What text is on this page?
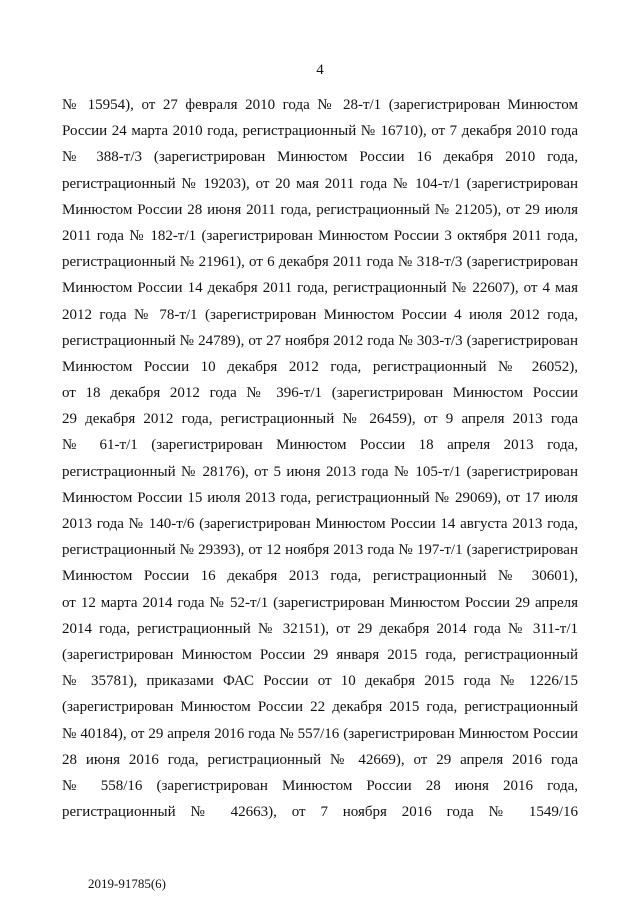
4
№ 15954), от 27 февраля 2010 года № 28-т/1 (зарегистрирован Минюстом
России 24 марта 2010 года, регистрационный № 16710), от 7 декабря 2010 года
№ 388-т/3 (зарегистрирован Минюстом России 16 декабря 2010 года,
регистрационный № 19203), от 20 мая 2011 года № 104-т/1 (зарегистрирован
Минюстом России 28 июня 2011 года, регистрационный № 21205), от 29 июля
2011 года № 182-т/1 (зарегистрирован Минюстом России 3 октября 2011 года,
регистрационный № 21961), от 6 декабря 2011 года № 318-т/3 (зарегистрирован
Минюстом России 14 декабря 2011 года, регистрационный № 22607), от 4 мая
2012 года № 78-т/1 (зарегистрирован Минюстом России 4 июля 2012 года,
регистрационный № 24789), от 27 ноября 2012 года № 303-т/3 (зарегистрирован
Минюстом России 10 декабря 2012 года, регистрационный № 26052),
от 18 декабря 2012 года № 396-т/1 (зарегистрирован Минюстом России
29 декабря 2012 года, регистрационный № 26459), от 9 апреля 2013 года
№ 61-т/1 (зарегистрирован Минюстом России 18 апреля 2013 года,
регистрационный № 28176), от 5 июня 2013 года № 105-т/1 (зарегистрирован
Минюстом России 15 июля 2013 года, регистрационный № 29069), от 17 июля
2013 года № 140-т/6 (зарегистрирован Минюстом России 14 августа 2013 года,
регистрационный № 29393), от 12 ноября 2013 года № 197-т/1 (зарегистрирован
Минюстом России 16 декабря 2013 года, регистрационный № 30601),
от 12 марта 2014 года № 52-т/1 (зарегистрирован Минюстом России 29 апреля
2014 года, регистрационный № 32151), от 29 декабря 2014 года № 311-т/1
(зарегистрирован Минюстом России 29 января 2015 года, регистрационный
№ 35781), приказами ФАС России от 10 декабря 2015 года № 1226/15
(зарегистрирован Минюстом России 22 декабря 2015 года, регистрационный
№ 40184), от 29 апреля 2016 года № 557/16 (зарегистрирован Минюстом России
28 июня 2016 года, регистрационный № 42669), от 29 апреля 2016 года
№ 558/16 (зарегистрирован Минюстом России 28 июня 2016 года,
регистрационный № 42663), от 7 ноября 2016 года № 1549/16
2019-91785(6)
